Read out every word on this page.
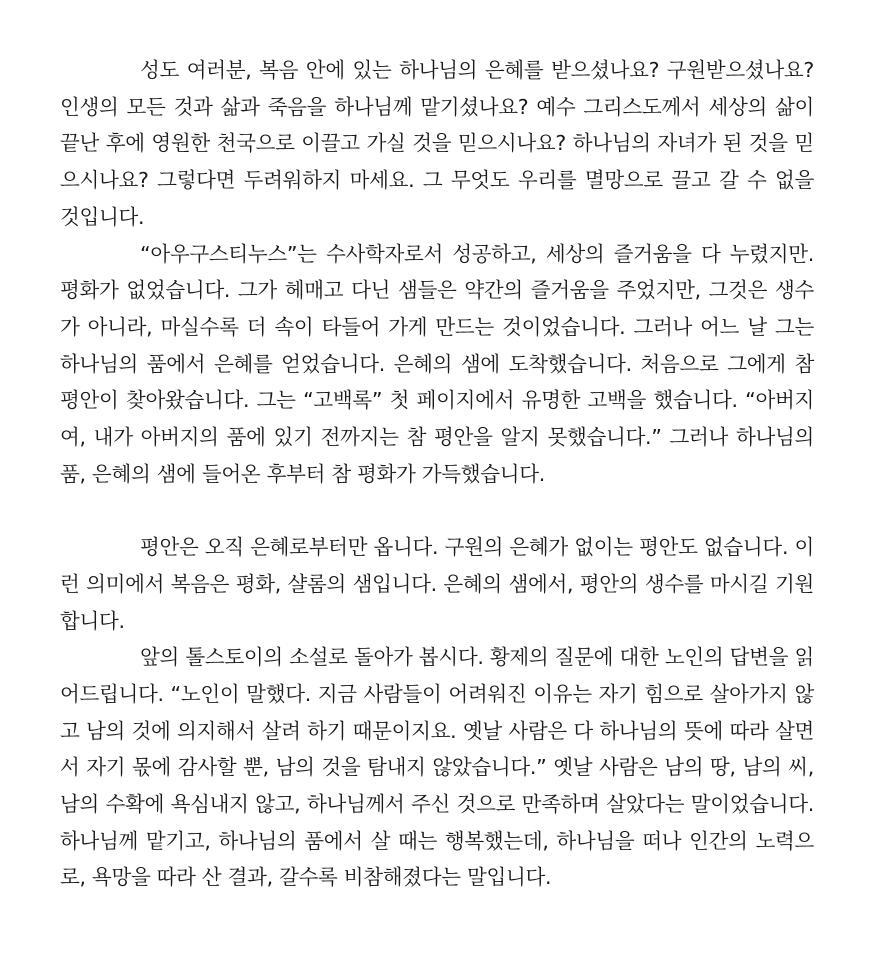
성도 여러분, 복음 안에 있는 하나님의 은혜를 받으셨나요? 구원받으셨나요? 인생의 모든 것과 삶과 죽음을 하나님께 맡기셨나요? 예수 그리스도께서 세상의 삶이 끝난 후에 영원한 천국으로 이끌고 가실 것을 믿으시나요? 하나님의 자녀가 된 것을 믿으시나요? 그렇다면 두려워하지 마세요. 그 무엇도 우리를 멸망으로 끌고 갈 수 없을 것입니다.

“아우구스티누스”는 수사학자로서 성공하고, 세상의 즐거움을 다 누렸지만. 평화가 없었습니다. 그가 헤매고 다닌 샘들은 약간의 즐거움을 주었지만, 그것은 생수가 아니라, 마실수록 더 속이 타들어 가게 만드는 것이었습니다. 그러나 어느 날 그는 하나님의 품에서 은혜를 얻었습니다. 은혜의 샘에 도착했습니다. 처음으로 그에게 참 평안이 찾아왔습니다. 그는 “고백록” 첫 페이지에서 유명한 고백을 했습니다. “아버지여, 내가 아버지의 품에 있기 전까지는 참 평안을 알지 못했습니다.” 그러나 하나님의 품, 은혜의 샘에 들어온 후부터 참 평화가 가득했습니다.

평안은 오직 은혜로부터만 옵니다. 구원의 은혜가 없이는 평안도 없습니다. 이런 의미에서 복음은 평화, 샬롬의 샘입니다. 은혜의 샘에서, 평안의 생수를 마시길 기원합니다.

앞의 톨스토이의 소설로 돌아가 봅시다. 황제의 질문에 대한 노인의 답변을 읽어드립니다. “노인이 말했다. 지금 사람들이 어려워진 이유는 자기 힘으로 살아가지 않고 남의 것에 의지해서 살려 하기 때문이지요. 옛날 사람은 다 하나님의 뜻에 따라 살면서 자기 몫에 감사할 뿐, 남의 것을 탐내지 않았습니다.” 옛날 사람은 남의 땅, 남의 씨, 남의 수확에 욕심내지 않고, 하나님께서 주신 것으로 만족하며 살았다는 말이었습니다. 하나님께 맡기고, 하나님의 품에서 살 때는 행복했는데, 하나님을 떠나 인간의 노력으로, 욕망을 따라 산 결과, 갈수록 비참해졌다는 말입니다.
